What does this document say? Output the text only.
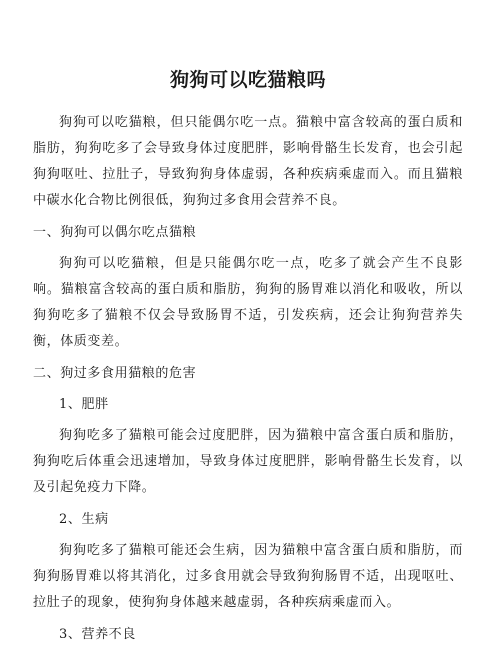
狗狗可以吃猫粮吗

狗狗可以吃猫粮，但只能偶尔吃一点。猫粮中富含较高的蛋白质和脂肪，狗狗吃多了会导致身体过度肥胖，影响骨骼生长发育，也会引起狗狗呕吐、拉肚子，导致狗狗身体虚弱，各种疾病乘虚而入。而且猫粮中碳水化合物比例很低，狗狗过多食用会营养不良。

一、狗狗可以偶尔吃点猫粮

狗狗可以吃猫粮，但是只能偶尔吃一点，吃多了就会产生不良影响。猫粮富含较高的蛋白质和脂肪，狗狗的肠胃难以消化和吸收，所以狗狗吃多了猫粮不仅会导致肠胃不适，引发疾病，还会让狗狗营养失衡，体质变差。

二、狗过多食用猫粮的危害
1、肥胖

狗狗吃多了猫粮可能会过度肥胖，因为猫粮中富含蛋白质和脂肪，狗狗吃后体重会迅速增加，导致身体过度肥胖，影响骨骼生长发育，以及引起免疫力下降。

2、生病

狗狗吃多了猫粮可能还会生病，因为猫粮中富含蛋白质和脂肪，而狗狗肠胃难以将其消化，过多食用就会导致狗狗肠胃不适，出现呕吐、拉肚子的现象，使狗狗身体越来越虚弱，各种疾病乘虚而入。

3、营养不良
